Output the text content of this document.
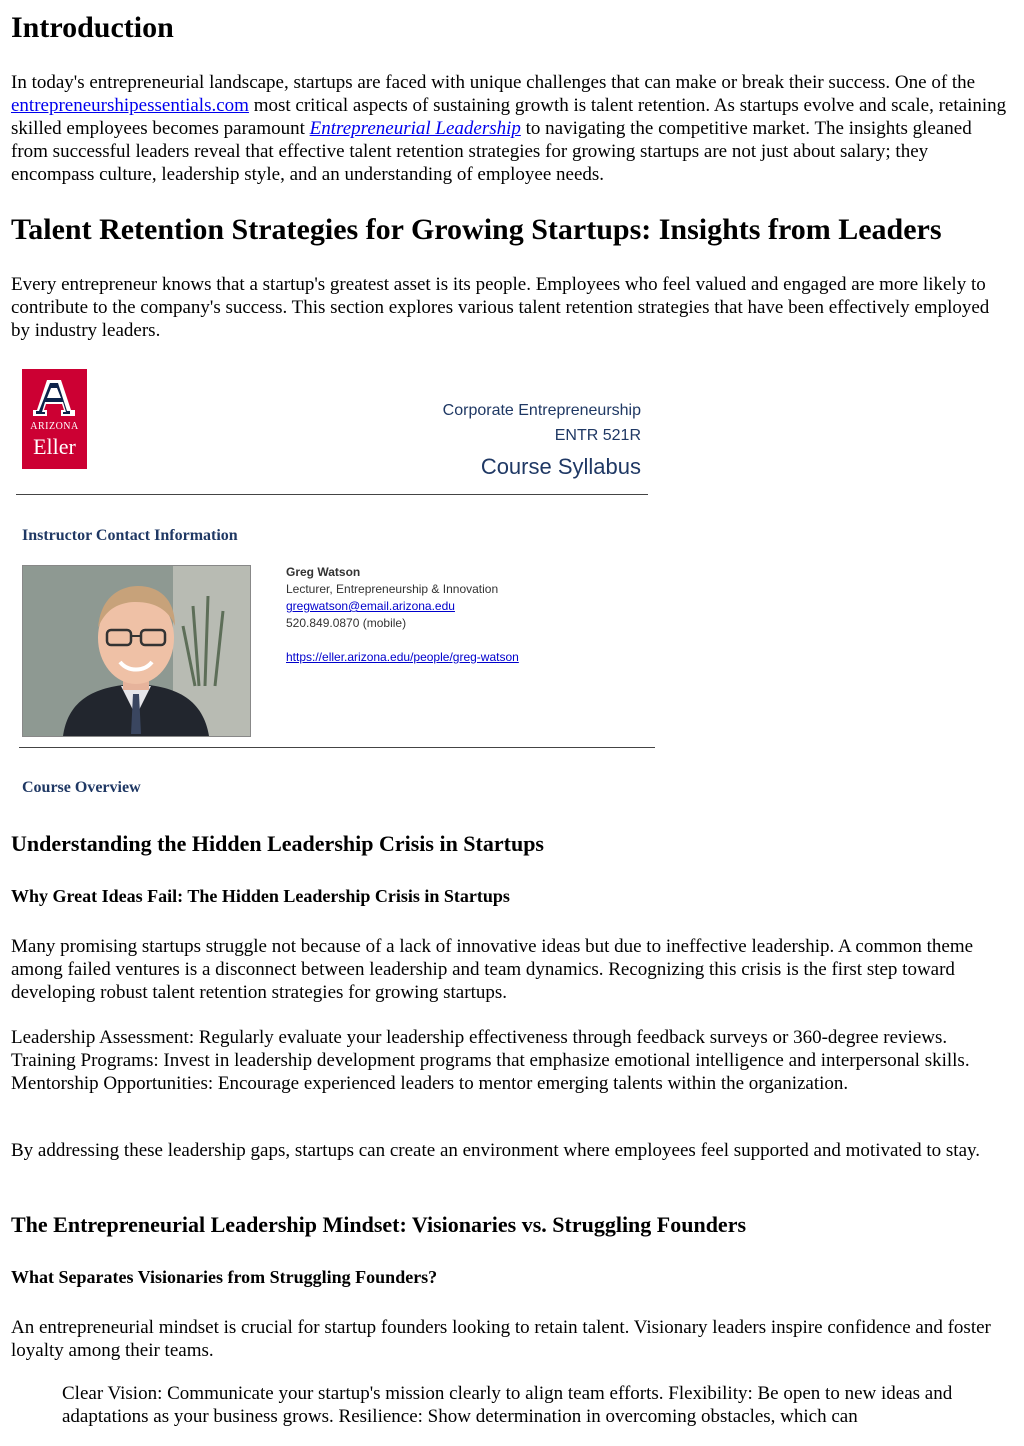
Introduction

In today's entrepreneurial landscape, startups are faced with unique challenges that can make or break their success. One of the entrepreneurshipessentials.com most critical aspects of sustaining growth is talent retention. As startups evolve and scale, retaining skilled employees becomes paramount Entrepreneurial Leadership to navigating the competitive market. The insights gleaned from successful leaders reveal that effective talent retention strategies for growing startups are not just about salary; they encompass culture, leadership style, and an understanding of employee needs.

Talent Retention Strategies for Growing Startups: Insights from Leaders

Every entrepreneur knows that a startup's greatest asset is its people. Employees who feel valued and engaged are more likely to contribute to the company's success. This section explores various talent retention strategies that have been effectively employed by industry leaders.

ARIZONA
Eller
Corporate Entrepreneurship
ENTR 521R
Course Syllabus
Instructor Contact Information
Greg Watson
Lecturer, Entrepreneurship & Innovation
gregwatson@email.arizona.edu
520.849.0870 (mobile)
https://eller.arizona.edu/people/greg-watson
Course Overview
Understanding the Hidden Leadership Crisis in Startups
Why Great Ideas Fail: The Hidden Leadership Crisis in Startups

Many promising startups struggle not because of a lack of innovative ideas but due to ineffective leadership. A common theme among failed ventures is a disconnect between leadership and team dynamics. Recognizing this crisis is the first step toward developing robust talent retention strategies for growing startups.

Leadership Assessment: Regularly evaluate your leadership effectiveness through feedback surveys or 360-degree reviews. Training Programs: Invest in leadership development programs that emphasize emotional intelligence and interpersonal skills. Mentorship Opportunities: Encourage experienced leaders to mentor emerging talents within the organization.

By addressing these leadership gaps, startups can create an environment where employees feel supported and motivated to stay.

The Entrepreneurial Leadership Mindset: Visionaries vs. Struggling Founders
What Separates Visionaries from Struggling Founders?

An entrepreneurial mindset is crucial for startup founders looking to retain talent. Visionary leaders inspire confidence and foster loyalty among their teams.

Clear Vision: Communicate your startup's mission clearly to align team efforts. Flexibility: Be open to new ideas and adaptations as your business grows. Resilience: Show determination in overcoming obstacles, which can
